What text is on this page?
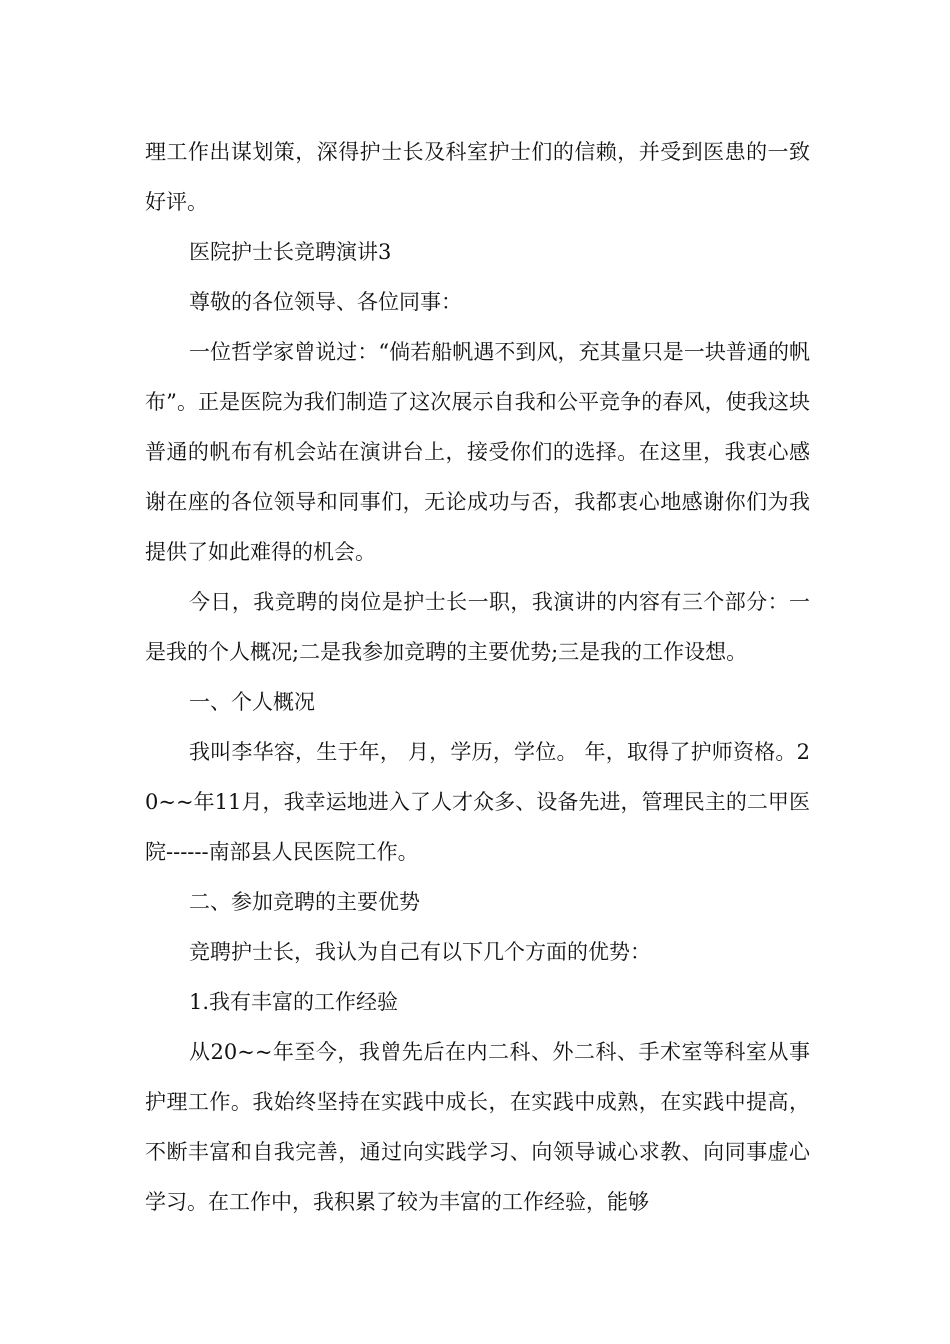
理工作出谋划策，深得护士长及科室护士们的信赖，并受到医患的一致好评。

医院护士长竞聘演讲3

尊敬的各位领导、各位同事：

一位哲学家曾说过：“倘若船帆遇不到风，充其量只是一块普通的帆布”。正是医院为我们制造了这次展示自我和公平竞争的春风，使我这块普通的帆布有机会站在演讲台上，接受你们的选择。在这里，我衷心感谢在座的各位领导和同事们，无论成功与否，我都衷心地感谢你们为我提供了如此难得的机会。

今日，我竞聘的岗位是护士长一职，我演讲的内容有三个部分：一是我的个人概况;二是我参加竞聘的主要优势;三是我的工作设想。

一、个人概况

我叫李华容，生于年， 月，学历，学位。 年，取得了护师资格。20~~年11月，我幸运地进入了人才众多、设备先进，管理民主的二甲医院------南部县人民医院工作。

二、参加竞聘的主要优势

竞聘护士长，我认为自己有以下几个方面的优势：

1.我有丰富的工作经验

从20~~年至今，我曾先后在内二科、外二科、手术室等科室从事护理工作。我始终坚持在实践中成长，在实践中成熟，在实践中提高，不断丰富和自我完善，通过向实践学习、向领导诚心求教、向同事虚心学习。在工作中，我积累了较为丰富的工作经验，能够
